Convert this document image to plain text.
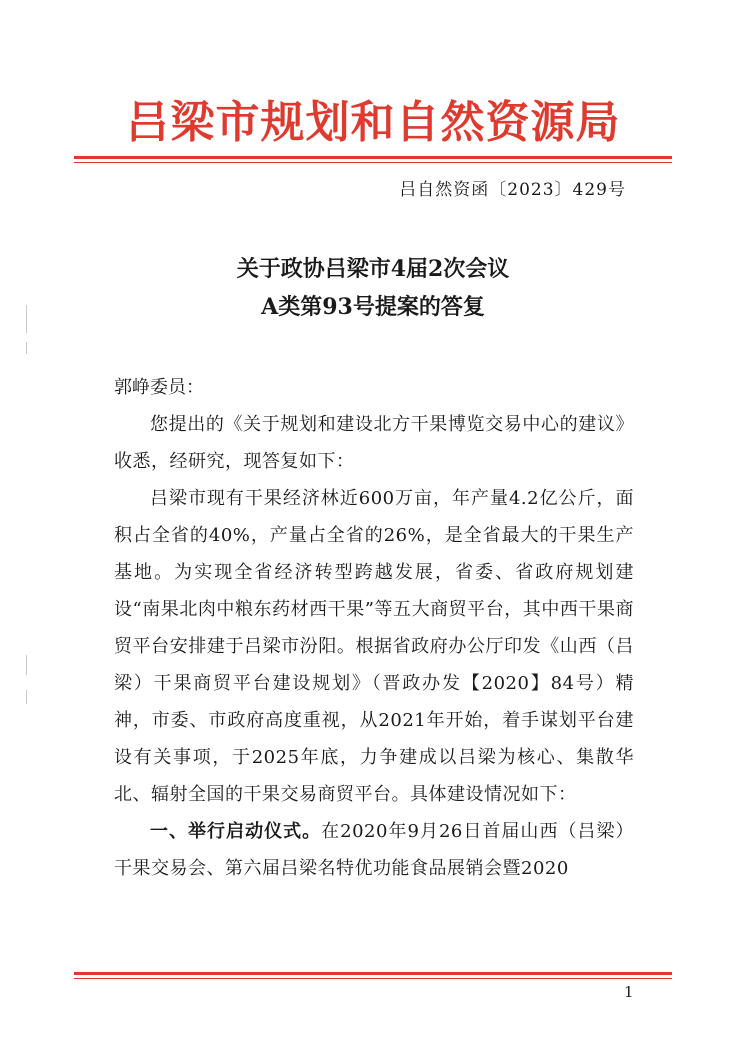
吕梁市规划和自然资源局
吕自然资函〔2023〕429号
关于政协吕梁市4届2次会议
A类第93号提案的答复
郭峥委员：

您提出的《关于规划和建设北方干果博览交易中心的建议》收悉，经研究，现答复如下：

吕梁市现有干果经济林近600万亩，年产量4.2亿公斤，面积占全省的40%，产量占全省的26%，是全省最大的干果生产基地。为实现全省经济转型跨越发展，省委、省政府规划建设“南果北肉中粮东药材西干果”等五大商贸平台，其中西干果商贸平台安排建于吕梁市汾阳。根据省政府办公厅印发《山西（吕梁）干果商贸平台建设规划》（晋政办发【2020】84号）精神，市委、市政府高度重视，从2021年开始，着手谋划平台建设有关事项，于2025年底，力争建成以吕梁为核心、集散华北、辐射全国的干果交易商贸平台。具体建设情况如下：

一、举行启动仪式。在2020年9月26日首届山西（吕梁）干果交易会、第六届吕梁名特优功能食品展销会暨2020

1
